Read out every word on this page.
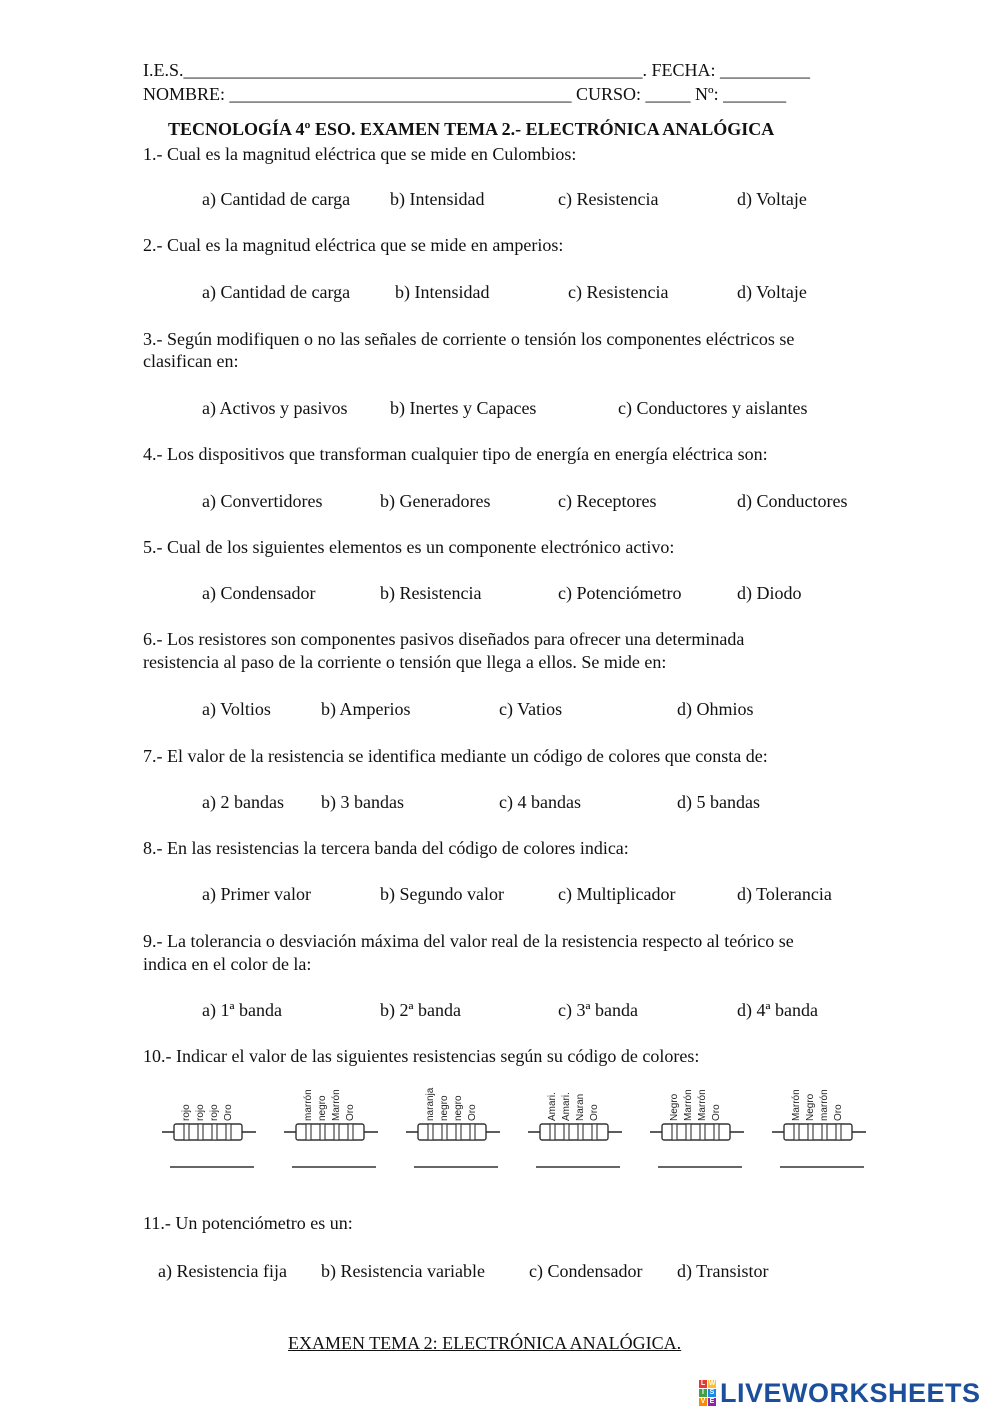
I.E.S.___________________________________________________. FECHA: __________
NOMBRE: ______________________________________ CURSO: _____ Nº: _______
TECNOLOGÍA 4º ESO. EXAMEN TEMA 2.- ELECTRÓNICA ANALÓGICA
1.- Cual es la magnitud eléctrica que se mide en Culombios:
a) Cantidad de carga b) Intensidad	c) Resistencia	d) Voltaje
2.- Cual es la magnitud eléctrica que se mide en amperios:
a) Cantidad de carga b) Intensidad	c) Resistencia	d) Voltaje
3.- Según modifiquen o no las señales de corriente o tensión los componentes eléctricos se
clasifican en:
a) Activos y pasivos b) Inertes y Capaces	c) Conductores y aislantes
4.- Los dispositivos que transforman cualquier tipo de energía en energía eléctrica son:
a) Convertidores	b) Generadores	c) Receptores	d) Conductores
5.- Cual de los siguientes elementos es un componente electrónico activo:
a) Condensador	b) Resistencia	c) Potenciómetro	d) Diodo
6.- Los resistores son componentes pasivos diseñados para ofrecer una determinada
resistencia al paso de la corriente o tensión que llega a ellos. Se mide en:
a) Voltios	b) Amperios	c) Vatios	d) Ohmios
7.- El valor de la resistencia se identifica mediante un código de colores que consta de:
a) 2 bandas b) 3 bandas	c) 4 bandas	d) 5 bandas
8.- En las resistencias la tercera banda del código de colores indica:
a) Primer valor	b) Segundo valor	c) Multiplicador	d) Tolerancia
9.- La tolerancia o desviación máxima del valor real de la resistencia respecto al teórico se
indica en el color de la:
a) 1ª banda	b) 2ª banda	c) 3ª banda	d) 4ª banda
10.- Indicar el valor de las siguientes resistencias según su código de colores:
rojo rojo rojo Oro	marrón negro Marrón Oro	naranja negro negro Oro	Amari. Amari. Naran Oro	Negro Marrón Marrón Oro	Marrón Negro marrón Oro
11.- Un potenciómetro es un:
a) Resistencia fija b) Resistencia variable c) Condensador d) Transistor
EXAMEN TEMA 2: ELECTRÓNICA ANALÓGICA.
L W
I S
V E LIVEWORKSHEETS
